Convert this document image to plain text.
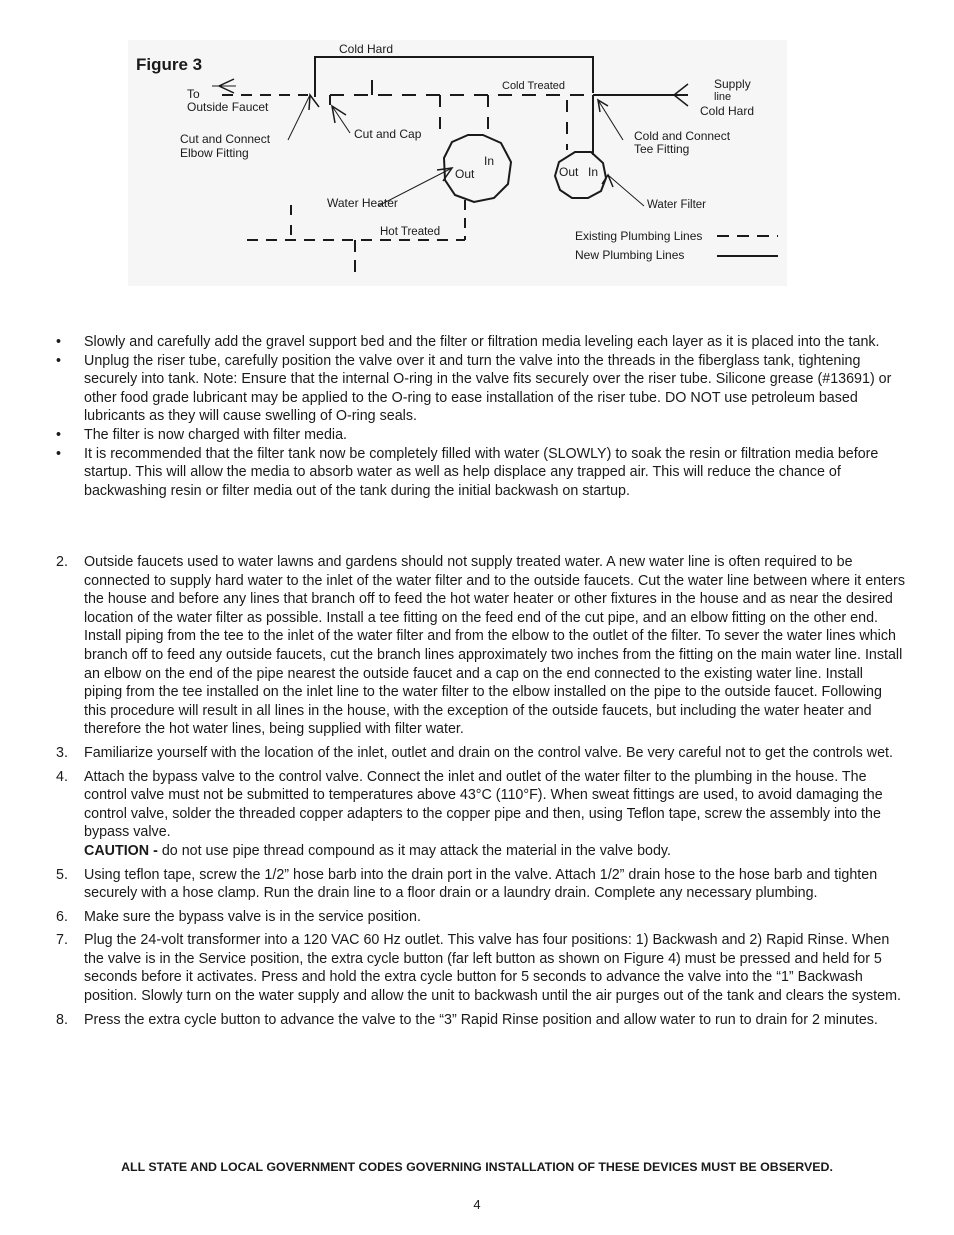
Figure 3
Cold Hard
To
Outside Faucet
Cut and Connect
Elbow Fitting
Cut and Cap
Cold Treated	Supply
line
Cold Hard
Cold and Connect
Tee Fitting
In
Out	Out In
Water Heater	Water Filter
Hot Treated	Existing Plumbing Lines
New Plumbing Lines
• Slowly and carefully add the gravel support bed and the filter or filtration media leveling each layer as it is placed into the tank.
• Unplug the riser tube, carefully position the valve over it and turn the valve into the threads in the fiberglass tank, tightening securely into tank. Note: Ensure that the internal O-ring in the valve fits securely over the riser tube. Silicone grease (#13691) or other food grade lubricant may be applied to the O-ring to ease installation of the riser tube. DO NOT use petroleum based lubricants as they will cause swelling of O-ring seals.
• The filter is now charged with filter media.
• It is recommended that the filter tank now be completely filled with water (SLOWLY) to soak the resin or filtration media before startup. This will allow the media to absorb water as well as help displace any trapped air. This will reduce the chance of backwashing resin or filter media out of the tank during the initial backwash on startup.
2. Outside faucets used to water lawns and gardens should not supply treated water. A new water line is often required to be connected to supply hard water to the inlet of the water filter and to the outside faucets. Cut the water line between where it enters the house and before any lines that branch off to feed the hot water heater or other fixtures in the house and as near the desired location of the water filter as possible. Install a tee fitting on the feed end of the cut pipe, and an elbow fitting on the other end. Install piping from the tee to the inlet of the water filter and from the elbow to the outlet of the filter. To sever the water lines which branch off to feed any outside faucets, cut the branch lines approximately two inches from the fitting on the main water line. Install an elbow on the end of the pipe nearest the outside faucet and a cap on the end connected to the existing water line. Install piping from the tee installed on the inlet line to the water filter to the elbow installed on the pipe to the outside faucet. Following this procedure will result in all lines in the house, with the exception of the outside faucets, but including the water heater and therefore the hot water lines, being supplied with filter water.
3. Familiarize yourself with the location of the inlet, outlet and drain on the control valve. Be very careful not to get the controls wet.
4. Attach the bypass valve to the control valve. Connect the inlet and outlet of the water filter to the plumbing in the house. The control valve must not be submitted to temperatures above 43°C (110°F). When sweat fittings are used, to avoid damaging the control valve, solder the threaded copper adapters to the copper pipe and then, using Teflon tape, screw the assembly into the bypass valve.
CAUTION - do not use pipe thread compound as it may attack the material in the valve body.
5. Using teflon tape, screw the 1/2” hose barb into the drain port in the valve. Attach 1/2” drain hose to the hose barb and tighten securely with a hose clamp. Run the drain line to a floor drain or a laundry drain. Complete any necessary plumbing.
6. Make sure the bypass valve is in the service position.
7. Plug the 24-volt transformer into a 120 VAC 60 Hz outlet. This valve has four positions: 1) Backwash and 2) Rapid Rinse. When the valve is in the Service position, the extra cycle button (far left button as shown on Figure 4) must be pressed and held for 5 seconds before it activates. Press and hold the extra cycle button for 5 seconds to advance the valve into the “1” Backwash position. Slowly turn on the water supply and allow the unit to backwash until the air purges out of the tank and clears the system.
8. Press the extra cycle button to advance the valve to the “3” Rapid Rinse position and allow water to run to drain for 2 minutes.
ALL STATE AND LOCAL GOVERNMENT CODES GOVERNING INSTALLATION OF THESE DEVICES MUST BE OBSERVED.
4
